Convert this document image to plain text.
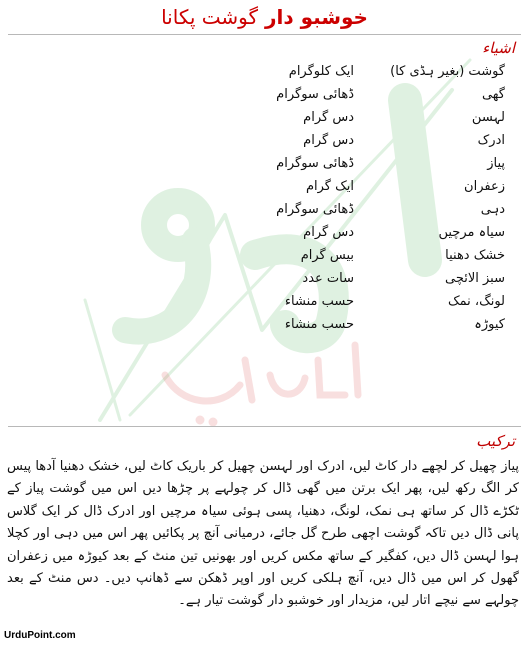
خوشبو دار گوشت پکانا
اشیاء
گوشت (بغیر ہڈی کا)
ایک کلوگرام
گھی
ڈھائی سوگرام
لہسن
دس گرام
ادرک
دس گرام
پیاز
ڈھائی سوگرام
زعفران
ایک گرام
دہی
ڈھائی سوگرام
سیاہ مرچیں
دس گرام
خشک دھنیا
بیس گرام
سبز الائچی
سات عدد
لونگ، نمک
حسب منشاء
کیوڑہ
حسب منشاء
ترکیب
پیاز چھیل کر لچھے دار کاٹ لیں، ادرک اور لہسن چھیل کر باریک کاٹ لیں، خشک دھنیا آدھا پیس کر الگ رکھ لیں، پھر ایک برتن میں گھی ڈال کر چولہے پر چڑھا دیں اس میں گوشت پیاز کے ٹکڑے ڈال کر ساتھ ہی نمک، لونگ، دھنیا، پسی ہوئی سیاہ مرچیں اور ادرک ڈال کر ایک گلاس پانی ڈال دیں تاکہ گوشت اچھی طرح گل جائے، درمیانی آنچ پر پکائیں پھر اس میں دہی اور کچلا ہوا لہسن ڈال دیں، کفگیر کے ساتھ مکس کریں اور بھونیں تین منٹ کے بعد کیوڑہ میں زعفران گھول کر اس میں ڈال دیں، آنچ ہلکی کریں اور اوپر ڈھکن سے ڈھانپ دیں۔ دس منٹ کے بعد چولہے سے نیچے اتار لیں، مزیدار اور خوشبو دار گوشت تیار ہے۔
UrduPoint.com
